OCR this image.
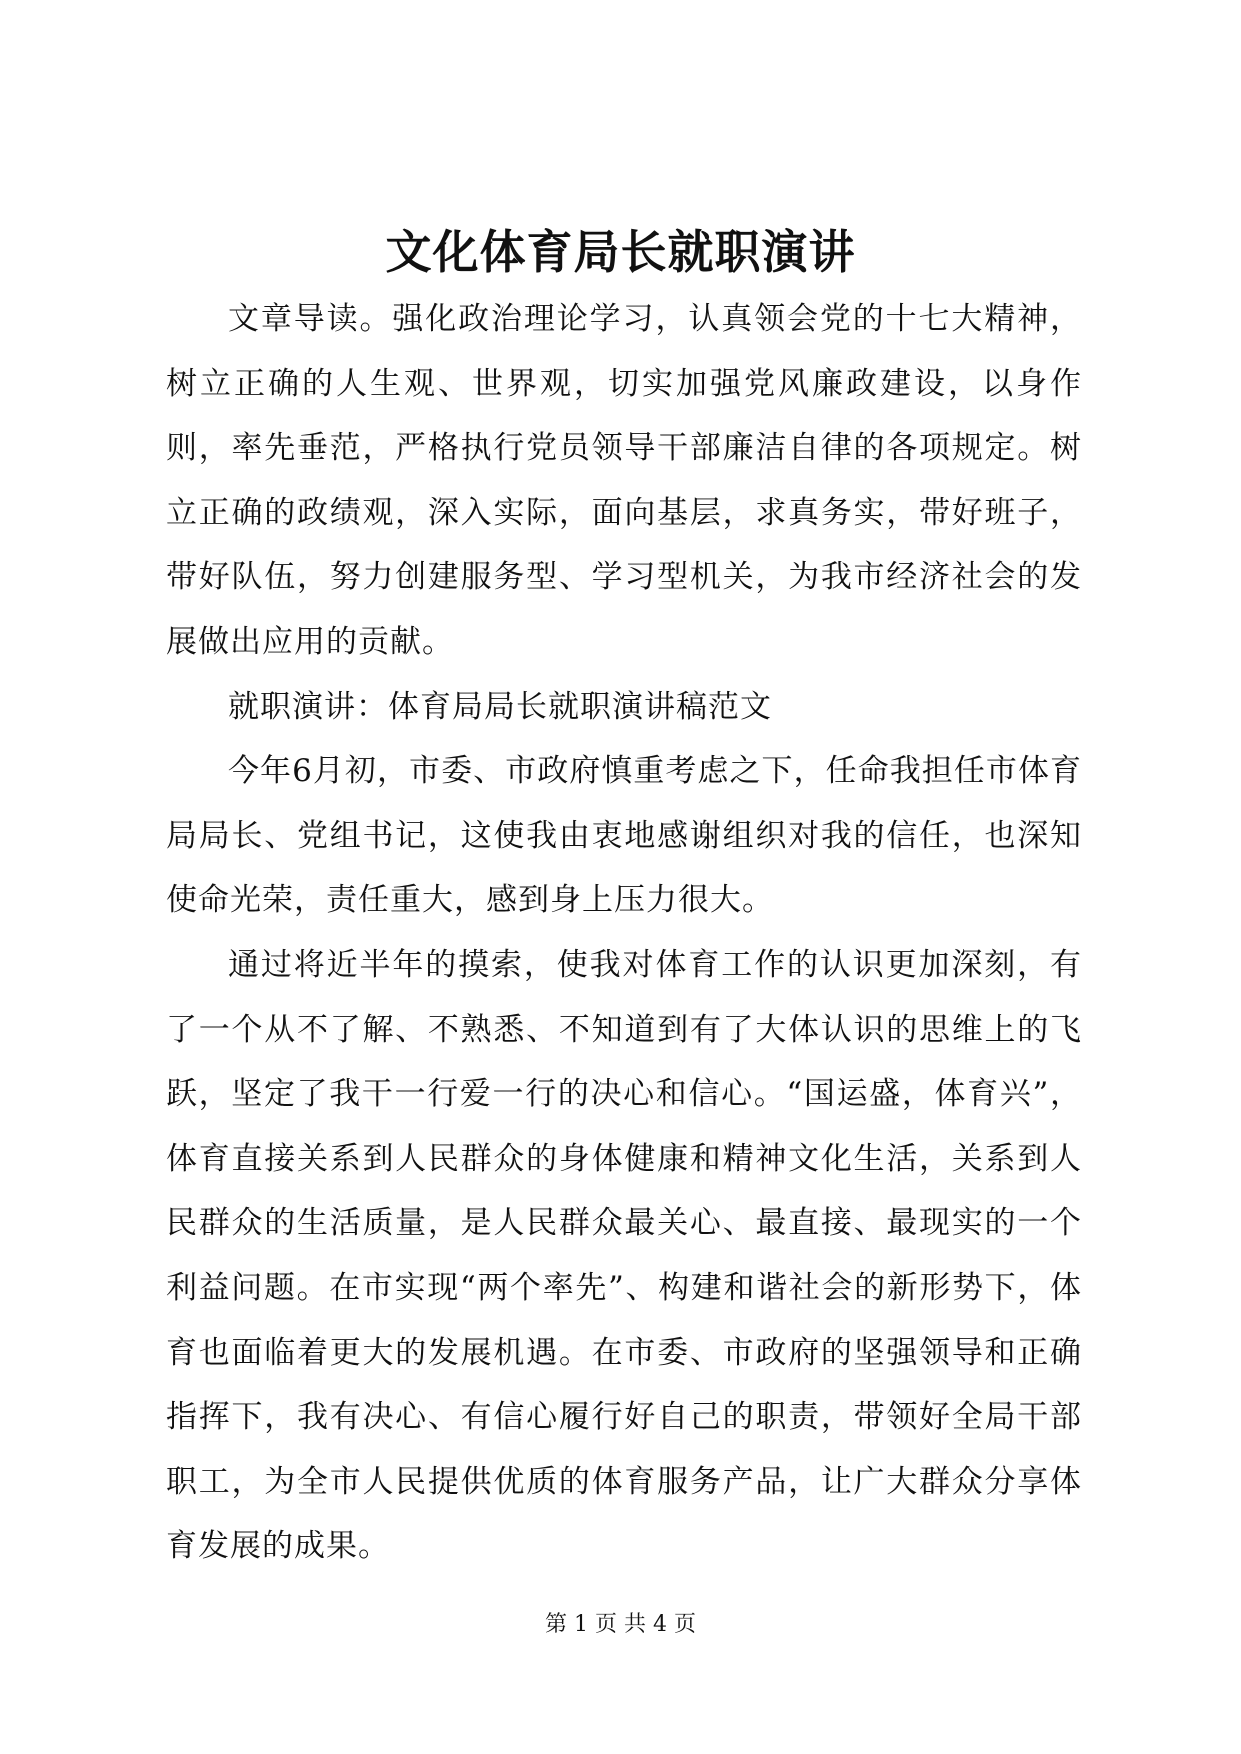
文化体育局长就职演讲

文章导读。强化政治理论学习，认真领会党的十七大精神，树立正确的人生观、世界观，切实加强党风廉政建设，以身作则，率先垂范，严格执行党员领导干部廉洁自律的各项规定。树立正确的政绩观，深入实际，面向基层，求真务实，带好班子，带好队伍，努力创建服务型、学习型机关，为我市经济社会的发展做出应用的贡献。

就职演讲：体育局局长就职演讲稿范文

今年6月初，市委、市政府慎重考虑之下，任命我担任市体育局局长、党组书记，这使我由衷地感谢组织对我的信任，也深知使命光荣，责任重大，感到身上压力很大。

通过将近半年的摸索，使我对体育工作的认识更加深刻，有了一个从不了解、不熟悉、不知道到有了大体认识的思维上的飞跃，坚定了我干一行爱一行的决心和信心。“国运盛，体育兴”，体育直接关系到人民群众的身体健康和精神文化生活，关系到人民群众的生活质量，是人民群众最关心、最直接、最现实的一个利益问题。在市实现“两个率先”、构建和谐社会的新形势下，体育也面临着更大的发展机遇。在市委、市政府的坚强领导和正确指挥下，我有决心、有信心履行好自己的职责，带领好全局干部职工，为全市人民提供优质的体育服务产品，让广大群众分享体育发展的成果。

第 1 页 共 4 页
